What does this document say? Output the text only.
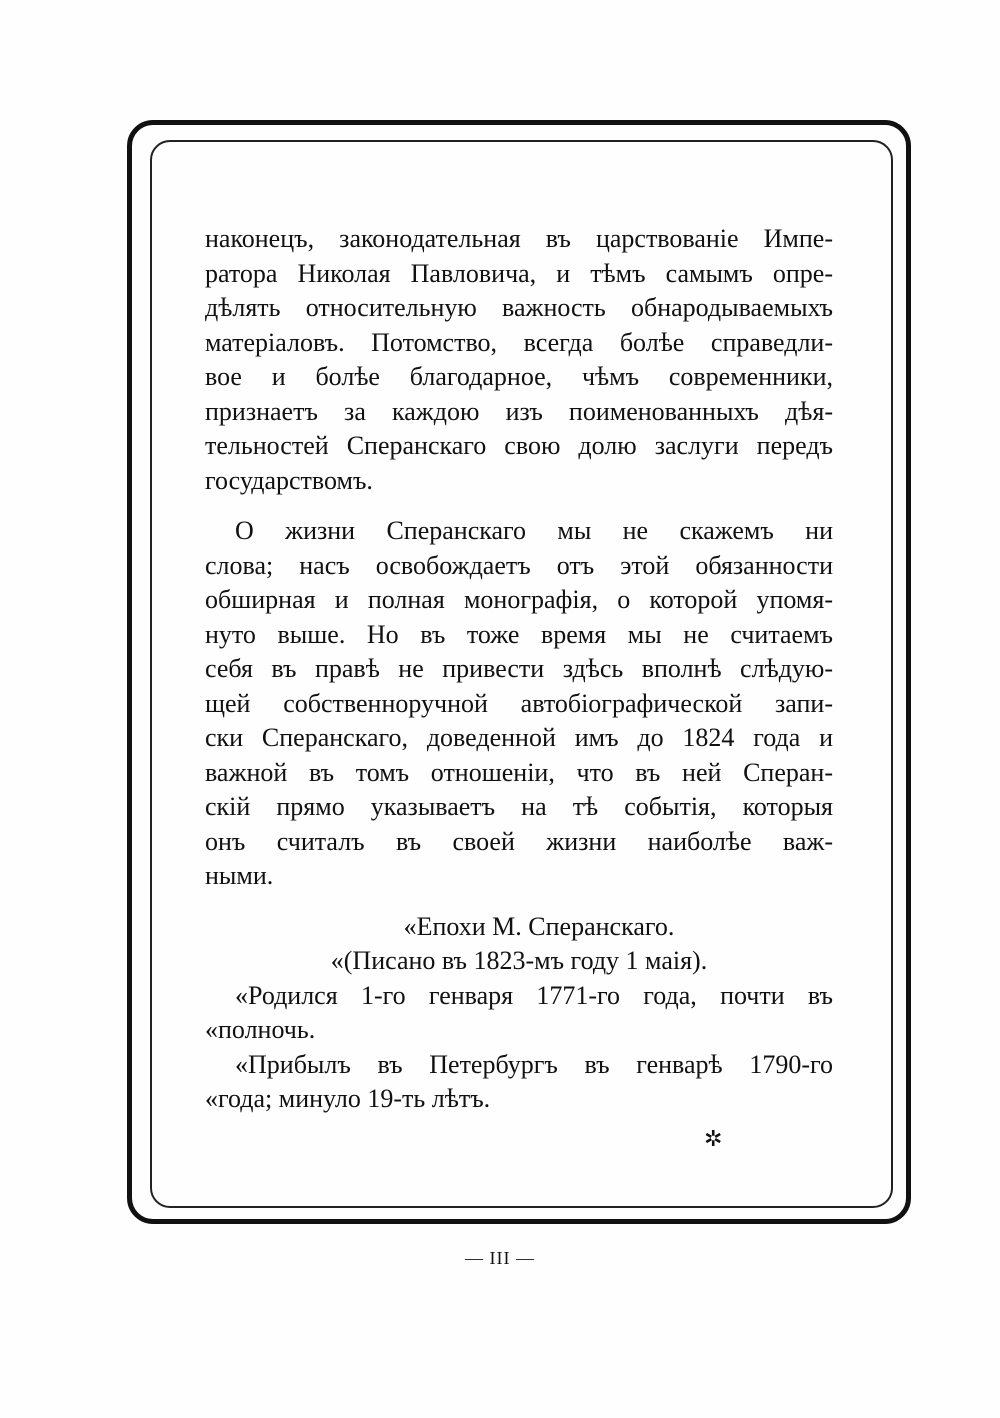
наконецъ, законодательная въ царствованіе Импе-
ратора Николая Павловича, и тѣмъ самымъ опре-
дѣлять относительную важность обнародываемыхъ
матеріаловъ. Потомство, всегда болѣе справедли-
вое и болѣе благодарное, чѣмъ современники,
признаетъ за каждою изъ поименованныхъ дѣя-
тельностей Сперанскаго свою долю заслуги передъ
государствомъ.
О жизни Сперанскаго мы не скажемъ ни
слова; насъ освобождаетъ отъ этой обязанности
обширная и полная монографія, о которой упомя-
нуто выше. Но въ тоже время мы не считаемъ
себя въ правѣ не привести здѣсь вполнѣ слѣдую-
щей собственноручной автобіографической запи-
ски Сперанскаго, доведенной имъ до 1824 года и
важной въ томъ отношеніи, что въ ней Сперан-
скій прямо указываетъ на тѣ событія, которыя
онъ считалъ въ своей жизни наиболѣе важ-
ными.
«Епохи М. Сперанскаго.
«(Писано въ 1823-мъ году 1 маія).
«Родился 1-го генваря 1771-го года, почти въ
«полночь.
«Прибылъ въ Петербургъ въ генварѣ 1790-го
«года; минуло 19-ть лѣтъ.
✲
— III —
